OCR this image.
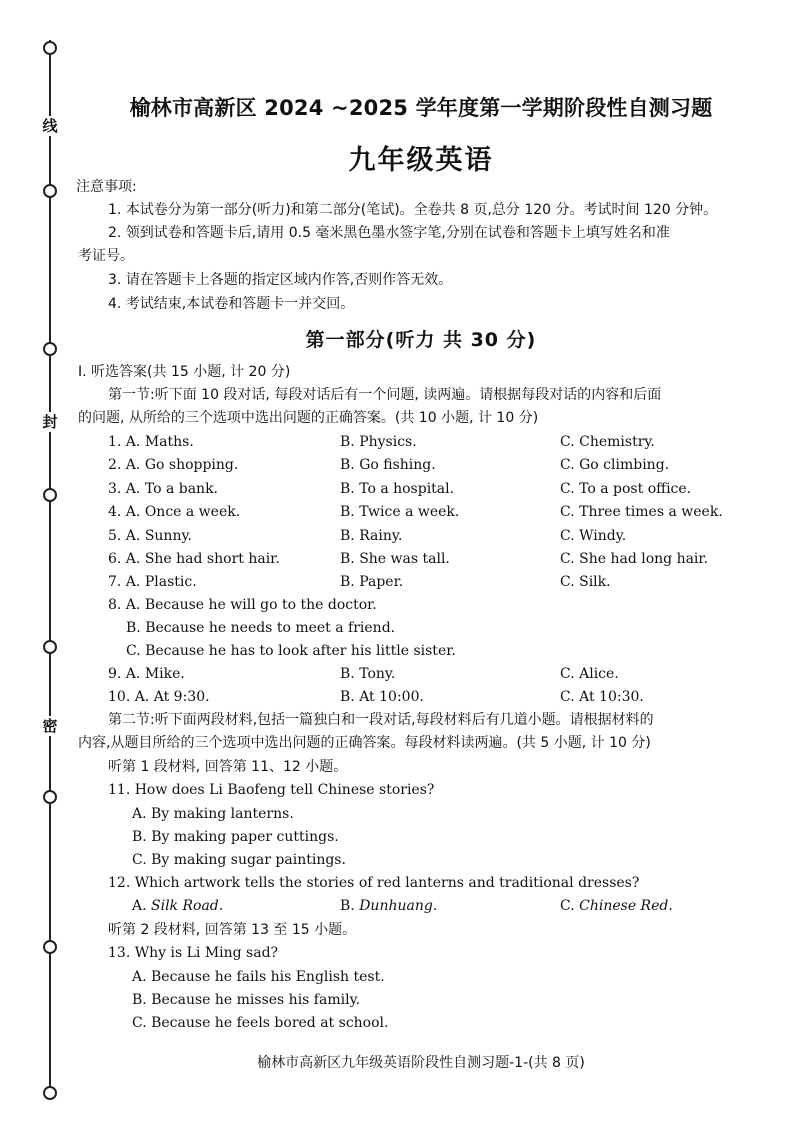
线
封
密
榆林市高新区 2024 ~2025 学年度第一学期阶段性自测习题
九年级英语
注意事项:
1. 本试卷分为第一部分(听力)和第二部分(笔试)。全卷共 8 页,总分 120 分。考试时间 120 分钟。
2. 领到试卷和答题卡后,请用 0.5 毫米黑色墨水签字笔,分别在试卷和答题卡上填写姓名和准
考证号。
3. 请在答题卡上各题的指定区域内作答,否则作答无效。
4. 考试结束,本试卷和答题卡一并交回。
第一部分(听力 共 30 分)
Ⅰ. 听选答案(共 15 小题, 计 20 分)
第一节:听下面 10 段对话, 每段对话后有一个问题, 读两遍。请根据每段对话的内容和后面
的问题, 从所给的三个选项中选出问题的正确答案。(共 10 小题, 计 10 分)
1. A. Maths.	B. Physics.	C. Chemistry.
2. A. Go shopping.	B. Go fishing.	C. Go climbing.
3. A. To a bank.	B. To a hospital.	C. To a post office.
4. A. Once a week.	B. Twice a week.	C. Three times a week.
5. A. Sunny.	B. Rainy.	C. Windy.
6. A. She had short hair.	B. She was tall.	C. She had long hair.
7. A. Plastic.	B. Paper.	C. Silk.
8. A. Because he will go to the doctor.
B. Because he needs to meet a friend.
C. Because he has to look after his little sister.
9. A. Mike.	B. Tony.	C. Alice.
10. A. At 9:30.	B. At 10:00.	C. At 10:30.
第二节:听下面两段材料,包括一篇独白和一段对话,每段材料后有几道小题。请根据材料的
内容,从题目所给的三个选项中选出问题的正确答案。每段材料读两遍。(共 5 小题, 计 10 分)
听第 1 段材料, 回答第 11、12 小题。
11. How does Li Baofeng tell Chinese stories?
A. By making lanterns.
B. By making paper cuttings.
C. By making sugar paintings.
12. Which artwork tells the stories of red lanterns and traditional dresses?
A. Silk Road.	B. Dunhuang.	C. Chinese Red.
听第 2 段材料, 回答第 13 至 15 小题。
13. Why is Li Ming sad?
A. Because he fails his English test.
B. Because he misses his family.
C. Because he feels bored at school.
榆林市高新区九年级英语阶段性自测习题-1-(共 8 页)
